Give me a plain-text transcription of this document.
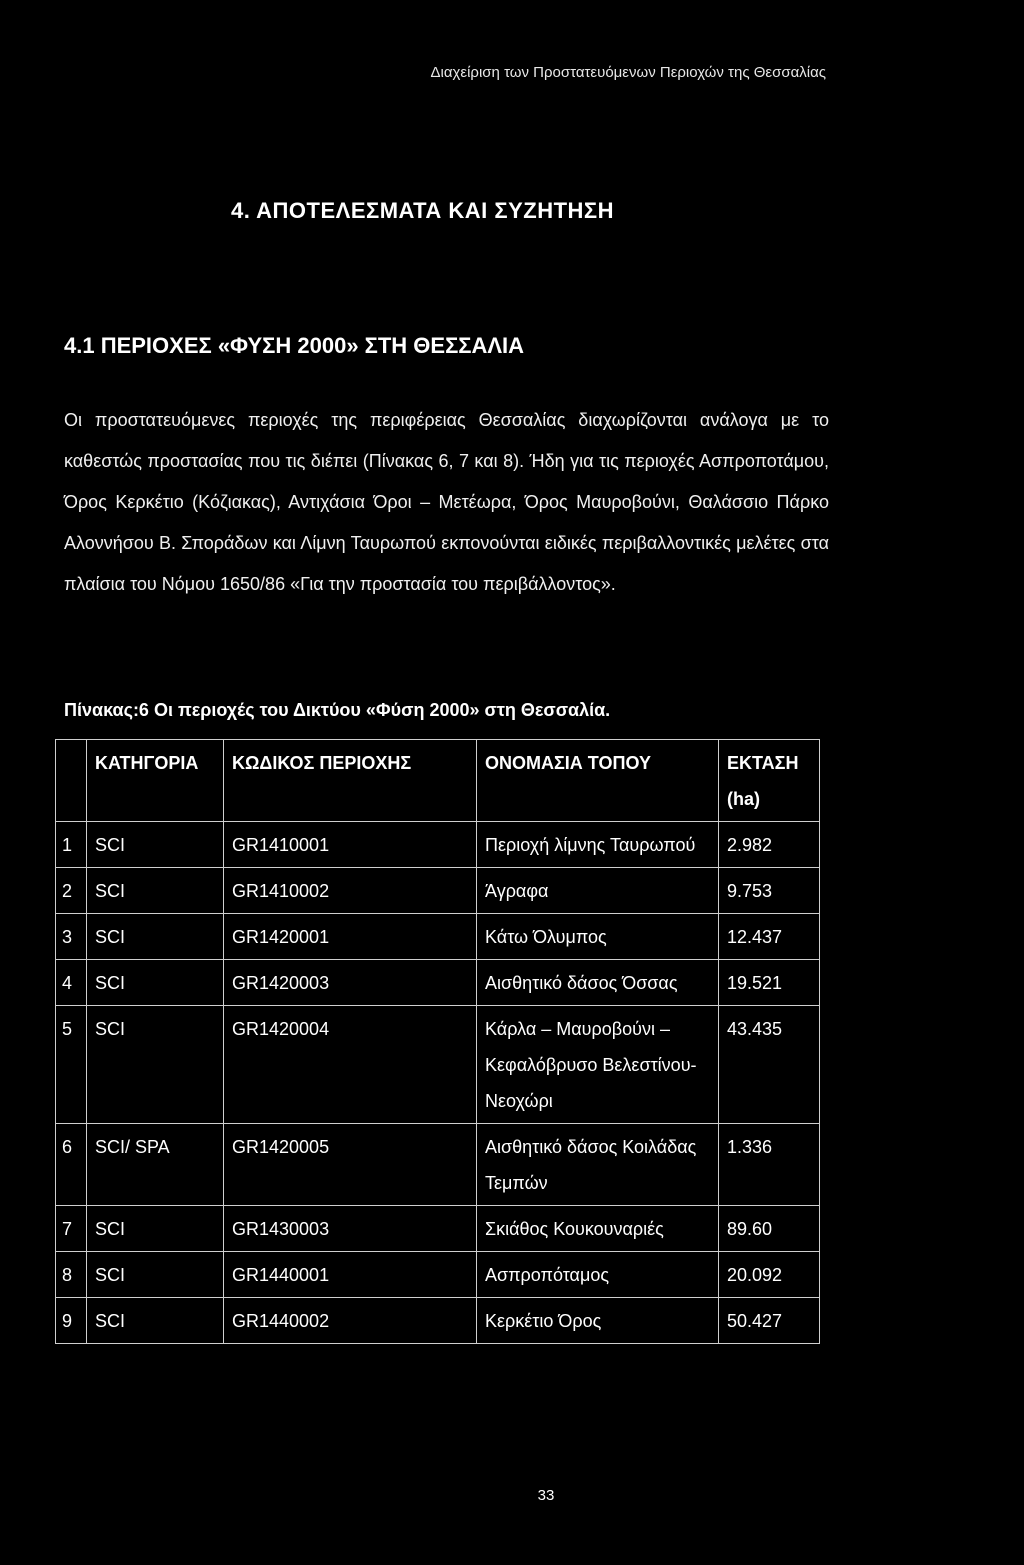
Διαχείριση των Προστατευόμενων Περιοχών της Θεσσαλίας
4. ΑΠΟΤΕΛΕΣΜΑΤΑ ΚΑΙ ΣΥΖΗΤΗΣΗ
4.1 ΠΕΡΙΟΧΕΣ «ΦΥΣΗ 2000» ΣΤΗ ΘΕΣΣΑΛΙΑ

Οι προστατευόμενες περιοχές της περιφέρειας Θεσσαλίας διαχωρίζονται ανάλογα με το καθεστώς προστασίας που τις διέπει (Πίνακας 6, 7 και 8). Ήδη για τις περιοχές Ασπροποτάμου, Όρος Κερκέτιο (Κόζιακας), Αντιχάσια Όροι – Μετέωρα, Όρος Μαυροβούνι, Θαλάσσιο Πάρκο Αλοννήσου Β. Σποράδων και Λίμνη Ταυρωπού εκπονούνται ειδικές περιβαλλοντικές μελέτες στα πλαίσια του Νόμου 1650/86 «Για την προστασία του περιβάλλοντος».

Πίνακας:6 Οι περιοχές του Δικτύου «Φύση 2000» στη Θεσσαλία.

	ΚΑΤΗΓΟΡΙΑ	ΚΩΔΙΚΟΣ ΠΕΡΙΟΧΗΣ	ΟΝΟΜΑΣΙΑ ΤΟΠΟΥ	ΕΚΤΑΣΗ (ha)
1	SCI	GR1410001	Περιοχή λίμνης Ταυρωπού	2.982
2	SCI	GR1410002	Άγραφα	9.753
3	SCI	GR1420001	Κάτω Όλυμπος	12.437
4	SCI	GR1420003	Αισθητικό δάσος Όσσας	19.521
5	SCI	GR1420004	Κάρλα – Μαυροβούνι – Κεφαλόβρυσο Βελεστίνου- Νεοχώρι	43.435
6	SCI/ SPA	GR1420005	Αισθητικό δάσος Κοιλάδας Τεμπών	1.336
7	SCI	GR1430003	Σκιάθος Κουκουναριές	89.60
8	SCI	GR1440001	Ασπροπόταμος	20.092
9	SCI	GR1440002	Κερκέτιο Όρος	50.427
33
